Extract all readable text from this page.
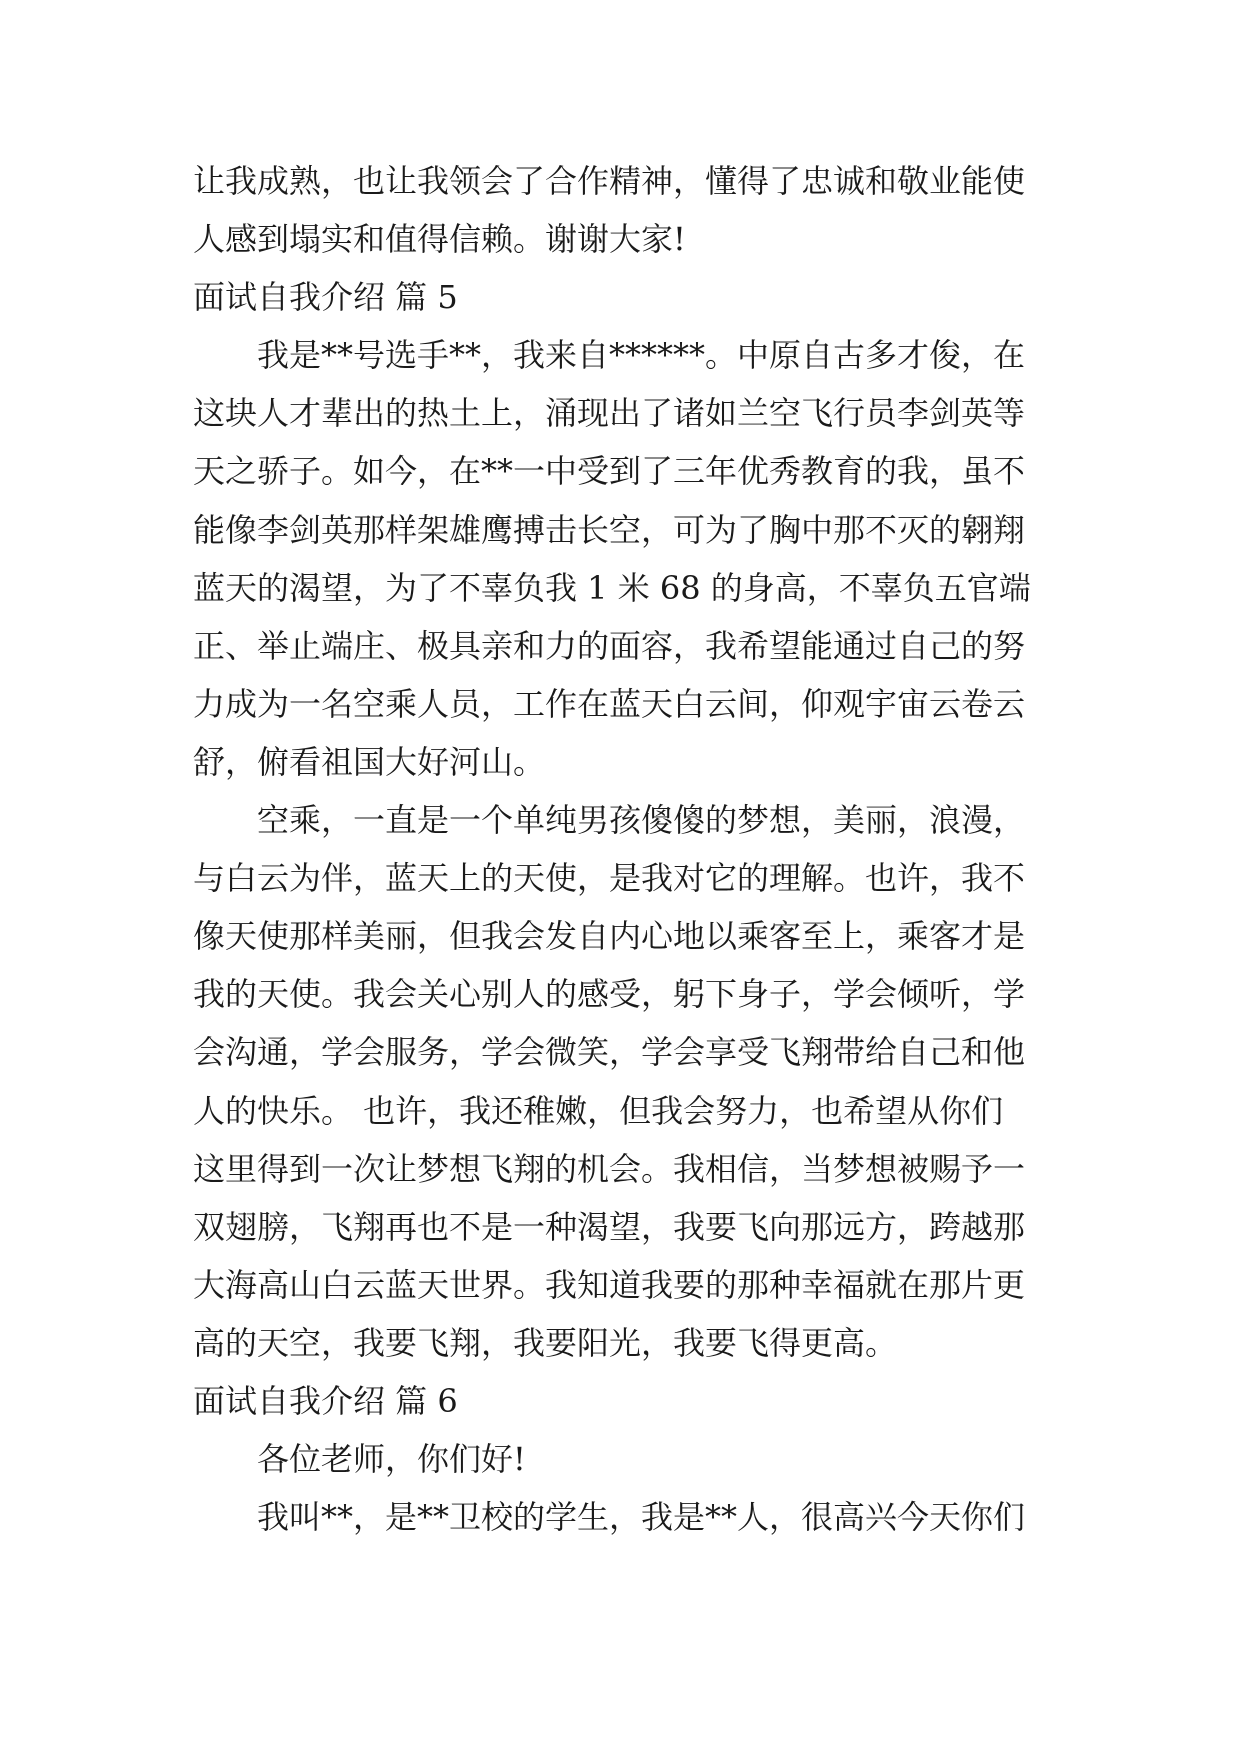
让我成熟，也让我领会了合作精神，懂得了忠诚和敬业能使
人感到塌实和值得信赖。谢谢大家!
面试自我介绍 篇 5
我是**号选手**，我来自******。中原自古多才俊，在
这块人才辈出的热土上，涌现出了诸如兰空飞行员李剑英等
天之骄子。如今，在**一中受到了三年优秀教育的我，虽不
能像李剑英那样架雄鹰搏击长空，可为了胸中那不灭的翱翔
蓝天的渴望，为了不辜负我 1 米 68 的身高，不辜负五官端
正、举止端庄、极具亲和力的面容，我希望能通过自己的努
力成为一名空乘人员，工作在蓝天白云间，仰观宇宙云卷云
舒，俯看祖国大好河山。
空乘，一直是一个单纯男孩傻傻的梦想，美丽，浪漫，
与白云为伴，蓝天上的天使，是我对它的理解。也许，我不
像天使那样美丽，但我会发自内心地以乘客至上，乘客才是
我的天使。我会关心别人的感受，躬下身子，学会倾听，学
会沟通，学会服务，学会微笑，学会享受飞翔带给自己和他
人的快乐。 也许，我还稚嫩，但我会努力，也希望从你们
这里得到一次让梦想飞翔的机会。我相信，当梦想被赐予一
双翅膀，飞翔再也不是一种渴望，我要飞向那远方，跨越那
大海高山白云蓝天世界。我知道我要的那种幸福就在那片更
高的天空，我要飞翔，我要阳光，我要飞得更高。
面试自我介绍 篇 6
各位老师，你们好!
我叫**，是**卫校的学生，我是**人，很高兴今天你们
